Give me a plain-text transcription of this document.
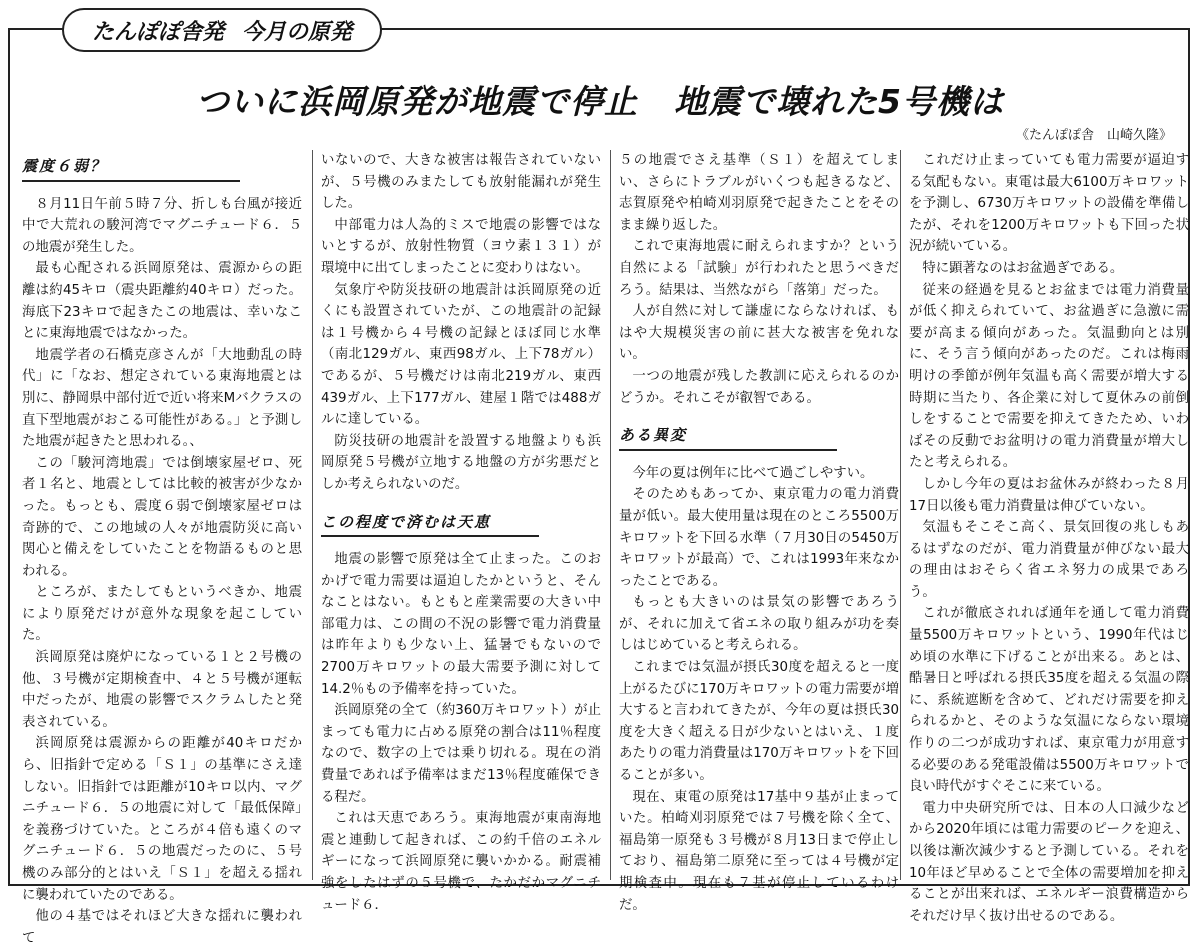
たんぽぽ舎発 今月の原発
ついに浜岡原発が地震で停止 地震で壊れた5号機は
《たんぽぽ舎　山崎久隆》
震度６弱？

８月11日午前５時７分、折しも台風が接近中で大荒れの駿河湾でマグニチュード６．５の地震が発生した。

最も心配される浜岡原発は、震源からの距離は約45キロ（震央距離約40キロ）だった。海底下23キロで起きたこの地震は、幸いなことに東海地震ではなかった。

地震学者の石橋克彦さんが「大地動乱の時代」に「なお、想定されている東海地震とは別に、静岡県中部付近で近い将来Mバクラスの直下型地震がおこる可能性がある。」と予測した地震が起きたと思われる。、

この「駿河湾地震」では倒壊家屋ゼロ、死者１名と、地震としては比較的被害が少なかった。もっとも、震度６弱で倒壊家屋ゼロは奇跡的で、この地域の人々が地震防災に高い関心と備えをしていたことを物語るものと思われる。

ところが、またしてもというべきか、地震により原発だけが意外な現象を起こしていた。

浜岡原発は廃炉になっている１と２号機の他、３号機が定期検査中、４と５号機が運転中だったが、地震の影響でスクラムしたと発表されている。

浜岡原発は震源からの距離が40キロだから、旧指針で定める「Ｓ１」の基準にさえ達しない。旧指針では距離が10キロ以内、マグニチュード６．５の地震に対して「最低保障」を義務づけていた。ところが４倍も遠くのマグニチュード６．５の地震だったのに、５号機のみ部分的とはいえ「Ｓ１」を超える揺れに襲われていたのである。

他の４基ではそれほど大きな揺れに襲われて

いないので、大きな被害は報告されていないが、５号機のみまたしても放射能漏れが発生した。

中部電力は人為的ミスで地震の影響ではないとするが、放射性物質（ヨウ素１３１）が環境中に出てしまったことに変わりはない。

気象庁や防災技研の地震計は浜岡原発の近くにも設置されていたが、この地震計の記録は１号機から４号機の記録とほぼ同じ水準（南北129ガル、東西98ガル、上下78ガル）であるが、５号機だけは南北219ガル、東西439ガル、上下177ガル、建屋１階では488ガルに達している。

防災技研の地震計を設置する地盤よりも浜岡原発５号機が立地する地盤の方が劣悪だとしか考えられないのだ。

この程度で済むは天恵

地震の影響で原発は全て止まった。このおかげで電力需要は逼迫したかというと、そんなことはない。もともと産業需要の大きい中部電力は、この間の不況の影響で電力消費量は昨年よりも少ない上、猛暑でもないので2700万キロワットの最大需要予測に対して14.2％もの予備率を持っていた。

浜岡原発の全て（約360万キロワット）が止まっても電力に占める原発の割合は11％程度なので、数字の上では乗り切れる。現在の消費量であれば予備率はまだ13％程度確保できる程だ。

これは天恵であろう。東海地震が東南海地震と連動して起きれば、この約千倍のエネルギーになって浜岡原発に襲いかかる。耐震補強をしたはずの５号機で、たかだかマグニチュード６．

５の地震でさえ基準（Ｓ１）を超えてしまい、さらにトラブルがいくつも起きるなど、志賀原発や柏崎刈羽原発で起きたことをそのまま繰り返した。

これで東海地震に耐えられますか？という自然による「試験」が行われたと思うべきだろう。結果は、当然ながら「落第」だった。

人が自然に対して謙虚にならなければ、もはや大規模災害の前に甚大な被害を免れない。

一つの地震が残した教訓に応えられるのかどうか。それこそが叡智である。

ある異変

今年の夏は例年に比べて過ごしやすい。

そのためもあってか、東京電力の電力消費量が低い。最大使用量は現在のところ5500万キロワットを下回る水準（７月30日の5450万キロワットが最高）で、これは1993年来なかったことである。

もっとも大きいのは景気の影響であろうが、それに加えて省エネの取り組みが功を奏しはじめていると考えられる。

これまでは気温が摂氏30度を超えると一度上がるたびに170万キロワットの電力需要が増大すると言われてきたが、今年の夏は摂氏30度を大きく超える日が少ないとはいえ、１度あたりの電力消費量は170万キロワットを下回ることが多い。

現在、東電の原発は17基中９基が止まっていた。柏崎刈羽原発では７号機を除く全て、福島第一原発も３号機が８月13日まで停止しており、福島第二原発に至っては４号機が定期検査中。現在も７基が停止しているわけだ。

これだけ止まっていても電力需要が逼迫する気配もない。東電は最大6100万キロワットを予測し、6730万キロワットの設備を準備したが、それを1200万キロワットも下回った状況が続いている。

特に顕著なのはお盆過ぎである。

従来の経過を見るとお盆までは電力消費量が低く抑えられていて、お盆過ぎに急激に需要が高まる傾向があった。気温動向とは別に、そう言う傾向があったのだ。これは梅雨明けの季節が例年気温も高く需要が増大する時期に当たり、各企業に対して夏休みの前倒しをすることで需要を抑えてきたため、いわばその反動でお盆明けの電力消費量が増大したと考えられる。

しかし今年の夏はお盆休みが終わった８月17日以後も電力消費量は伸びていない。

気温もそこそこ高く、景気回復の兆しもあるはずなのだが、電力消費量が伸びない最大の理由はおそらく省エネ努力の成果であろう。

これが徹底されれば通年を通して電力消費量5500万キロワットという、1990年代はじめ頃の水準に下げることが出来る。あとは、酷暑日と呼ばれる摂氏35度を超える気温の際に、系統遮断を含めて、どれだけ需要を抑えられるかと、そのような気温にならない環境作りの二つが成功すれば、東京電力が用意する必要のある発電設備は5500万キロワットで良い時代がすぐそこに来ている。

電力中央研究所では、日本の人口減少などから2020年頃には電力需要のピークを迎え、以後は漸次減少すると予測している。それを10年ほど早めることで全体の需要増加を抑えることが出来れば、エネルギー浪費構造からそれだけ早く抜け出せるのである。
